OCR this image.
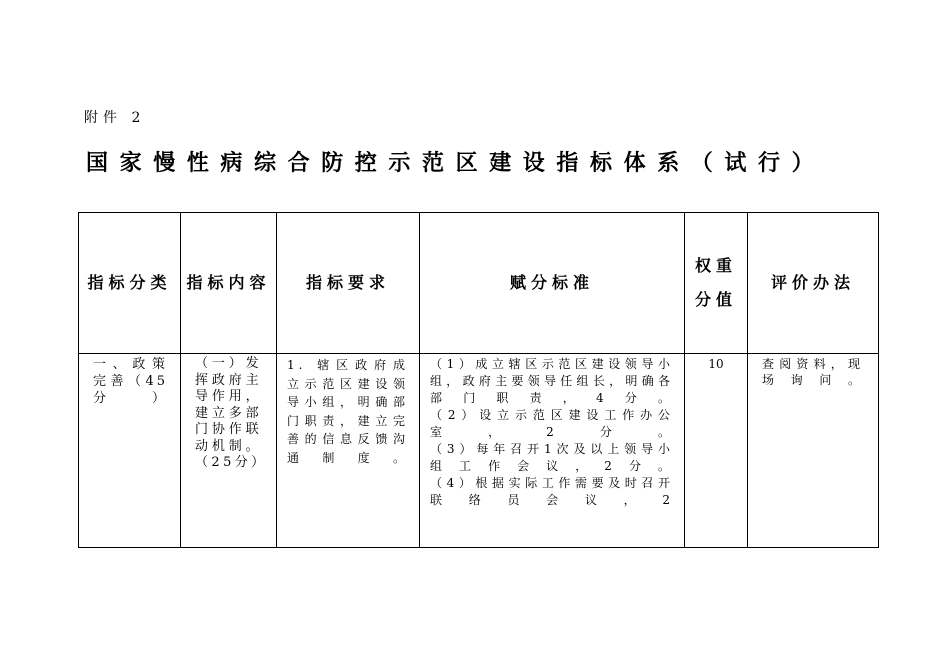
附件 2
国家慢性病综合防控示范区建设指标体系（试行）
指标分类	指标内容	指标要求	赋分标准	权重分值	评价办法

一、政策完善（45分）	（一）发挥政府主导作用，建立多部门协作联动机制。（25分）	1. 辖区政府成立示范区建设领导小组，明确部门职责，建立完善的信息反馈沟通制度。	（1）成立辖区示范区建设领导小组，政府主要领导任组长，明确各部门职责，4分。
（2）设立示范区建设工作办公室，2分。
（3）每年召开1次及以上领导小组工作会议，2分。
（4）根据实际工作需要及时召开联络员会议，2	10	查阅资料，现场询问。
